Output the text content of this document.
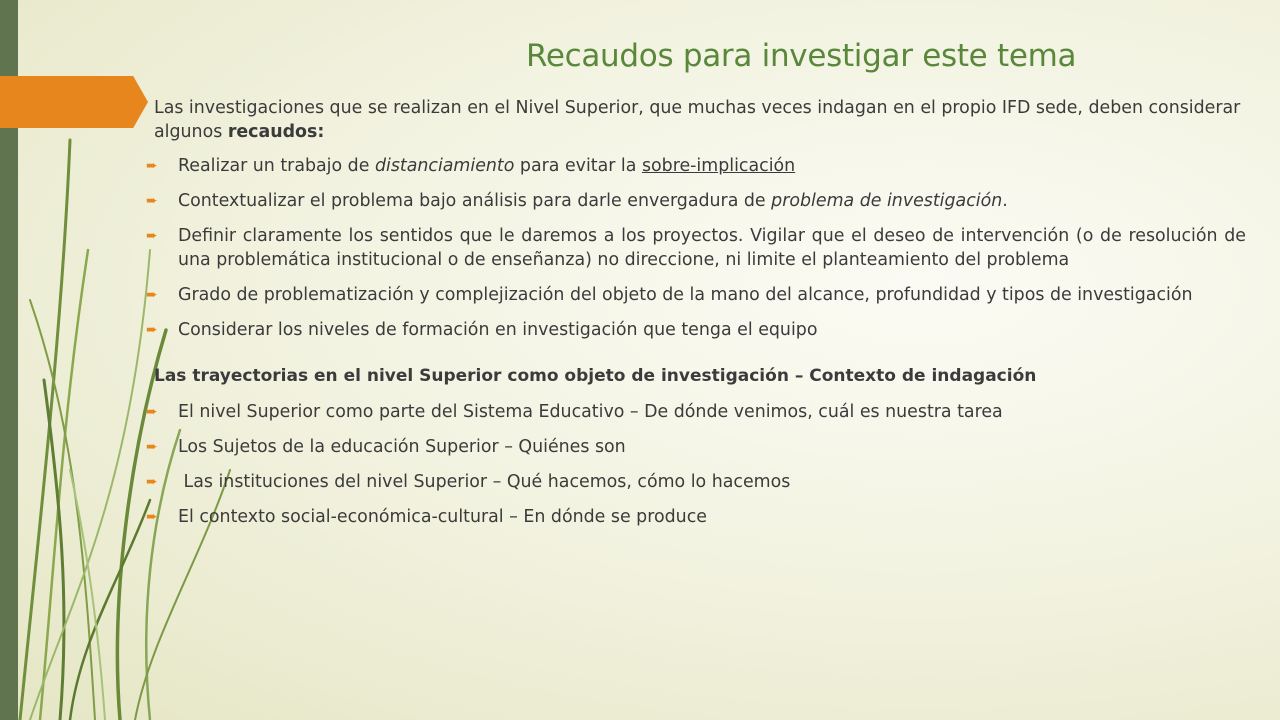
Recaudos para investigar este tema

Las investigaciones que se realizan en el Nivel Superior, que muchas veces indagan en el propio IFD sede, deben considerar algunos recaudos:

➨ Realizar un trabajo de distanciamiento para evitar la sobre-implicación
➨ Contextualizar el problema bajo análisis para darle envergadura de problema de investigación.
➨ Definir claramente los sentidos que le daremos a los proyectos. Vigilar que el deseo de intervención (o de resolución de una problemática institucional o de enseñanza) no direccione, ni limite el planteamiento del problema
➨ Grado de problematización y complejización del objeto de la mano del alcance, profundidad y tipos de investigación
➨ Considerar los niveles de formación en investigación que tenga el equipo

Las trayectorias en el nivel Superior como objeto de investigación – Contexto de indagación

➨ El nivel Superior como parte del Sistema Educativo – De dónde venimos, cuál es nuestra tarea
➨ Los Sujetos de la educación Superior – Quiénes son
➨ Las instituciones del nivel Superior – Qué hacemos, cómo lo hacemos
➨ El contexto social-económica-cultural – En dónde se produce
